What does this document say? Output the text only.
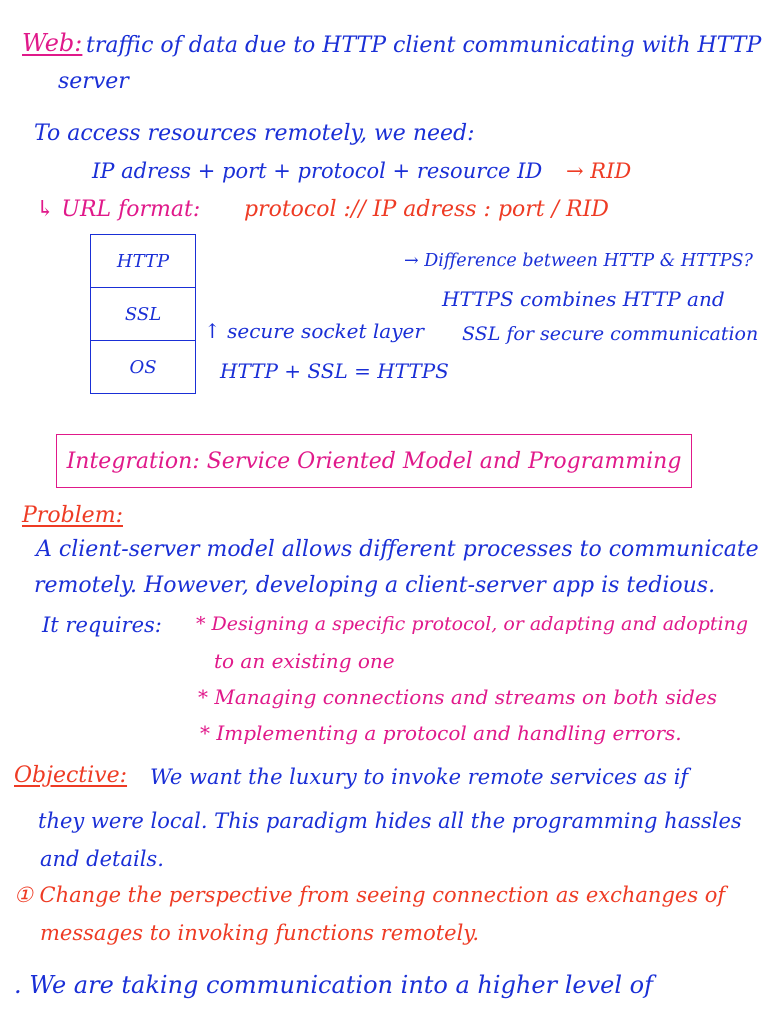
Web: traffic of data due to HTTP client communicating with HTTP
server
To access resources remotely, we need:
IP adress + port + protocol + resource ID → RID
↳ URL format: protocol :// IP adress : port / RID
HTTP
SSL
OS
↑ secure socket layer
HTTP + SSL = HTTPS
→ Difference between HTTP & HTTPS?
HTTPS combines HTTP and
SSL for secure communication
Integration: Service Oriented Model and Programming
Problem:
A client-server model allows different processes to communicate
remotely. However, developing a client-server app is tedious.
It requires: * Designing a specific protocol, or adapting and adopting
to an existing one
* Managing connections and streams on both sides
* Implementing a protocol and handling errors.
Objective: We want the luxury to invoke remote services as if
they were local. This paradigm hides all the programming hassles
and details.
① Change the perspective from seeing connection as exchanges of
messages to invoking functions remotely.
. We are taking communication into a higher level of
